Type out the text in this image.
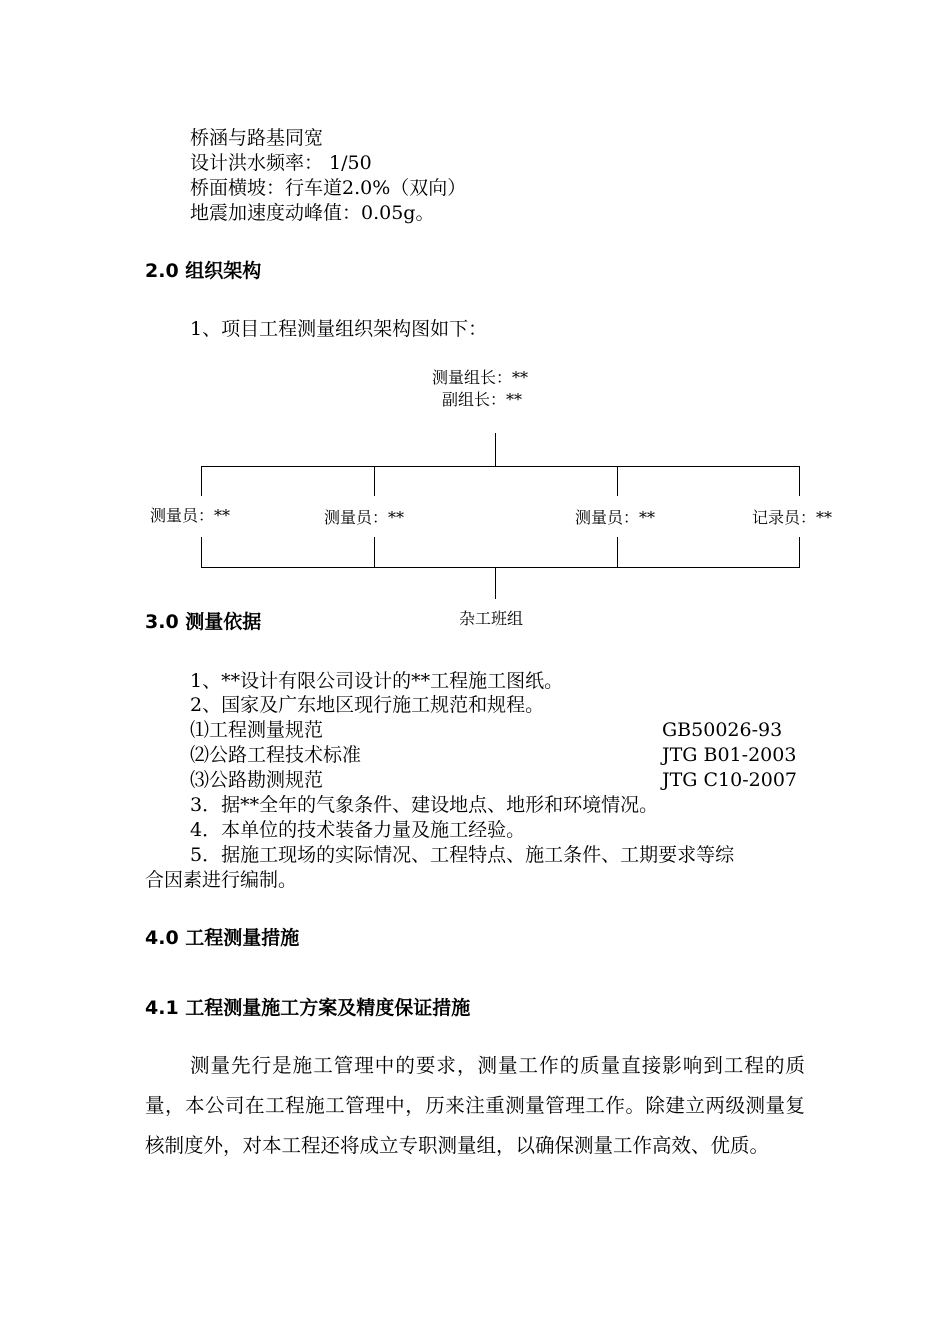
桥涵与路基同宽
设计洪水频率： 1/50
桥面横坡：行车道2.0%（双向）
地震加速度动峰值：0.05g。
2.0 组织架构
1、项目工程测量组织架构图如下：
测量组长：**
副组长：**
测量员：**	测量员：**	测量员：**	记录员：**
杂工班组
3.0 测量依据
1、**设计有限公司设计的**工程施工图纸。
2、国家及广东地区现行施工规范和规程。
⑴工程测量规范	GB50026-93
⑵公路工程技术标准	JTG B01-2003
⑶公路勘测规范	JTG C10-2007
3．据**全年的气象条件、建设地点、地形和环境情况。
4．本单位的技术装备力量及施工经验。
5．据施工现场的实际情况、工程特点、施工条件、工期要求等综
合因素进行编制。
4.0 工程测量措施
4.1 工程测量施工方案及精度保证措施
测量先行是施工管理中的要求，测量工作的质量直接影响到工程的质量，本公司在工程施工管理中，历来注重测量管理工作。除建立两级测量复核制度外，对本工程还将成立专职测量组，以确保测量工作高效、优质。
